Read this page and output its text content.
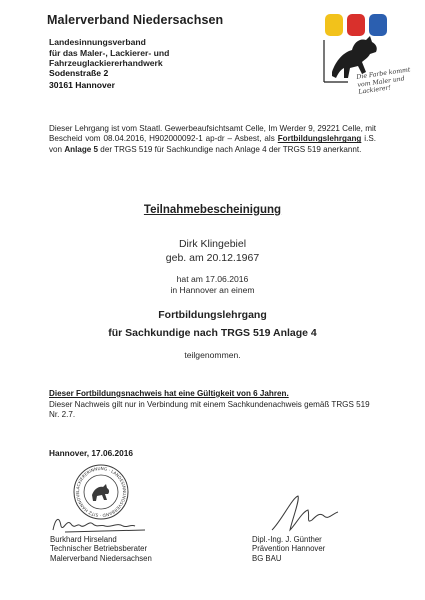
Malerverband Niedersachsen
Landesinnungsverband
für das Maler-, Lackierer- und
Fahrzeuglackiererhandwerk
Sodenstraße 2
30161 Hannover
Die Farbe kommt vom Maler und Lackierer!
Dieser Lehrgang ist vom Staatl. Gewerbeaufsichtsamt Celle, Im Werder 9, 29221 Celle, mit Bescheid vom 08.04.2016, H902000092-1 ap-dr – Asbest, als Fortbildungslehrgang i.S. von Anlage 5 der TRGS 519 für Sachkundige nach Anlage 4 der TRGS 519 anerkannt.
Teilnahmebescheinigung
Dirk Klingebiel
geb. am 20.12.1967
hat am 17.06.2016
in Hannover an einem
Fortbildungslehrgang
für Sachkundige nach TRGS 519 Anlage 4
teilgenommen.
Dieser Fortbildungsnachweis hat eine Gültigkeit von 6 Jahren.
Dieser Nachweis gilt nur in Verbindung mit einem Sachkundenachweis gemäß TRGS 519 Nr. 2.7.
Hannover, 17.06.2016
LACKIERERINNUNG · LANDESINNUNGSVERBAND · SITZ HANNOVE
Burkhard Hirseland
Technischer Betriebsberater
Malerverband Niedersachsen
Dipl.-Ing. J. Günther
Prävention Hannover
BG BAU
